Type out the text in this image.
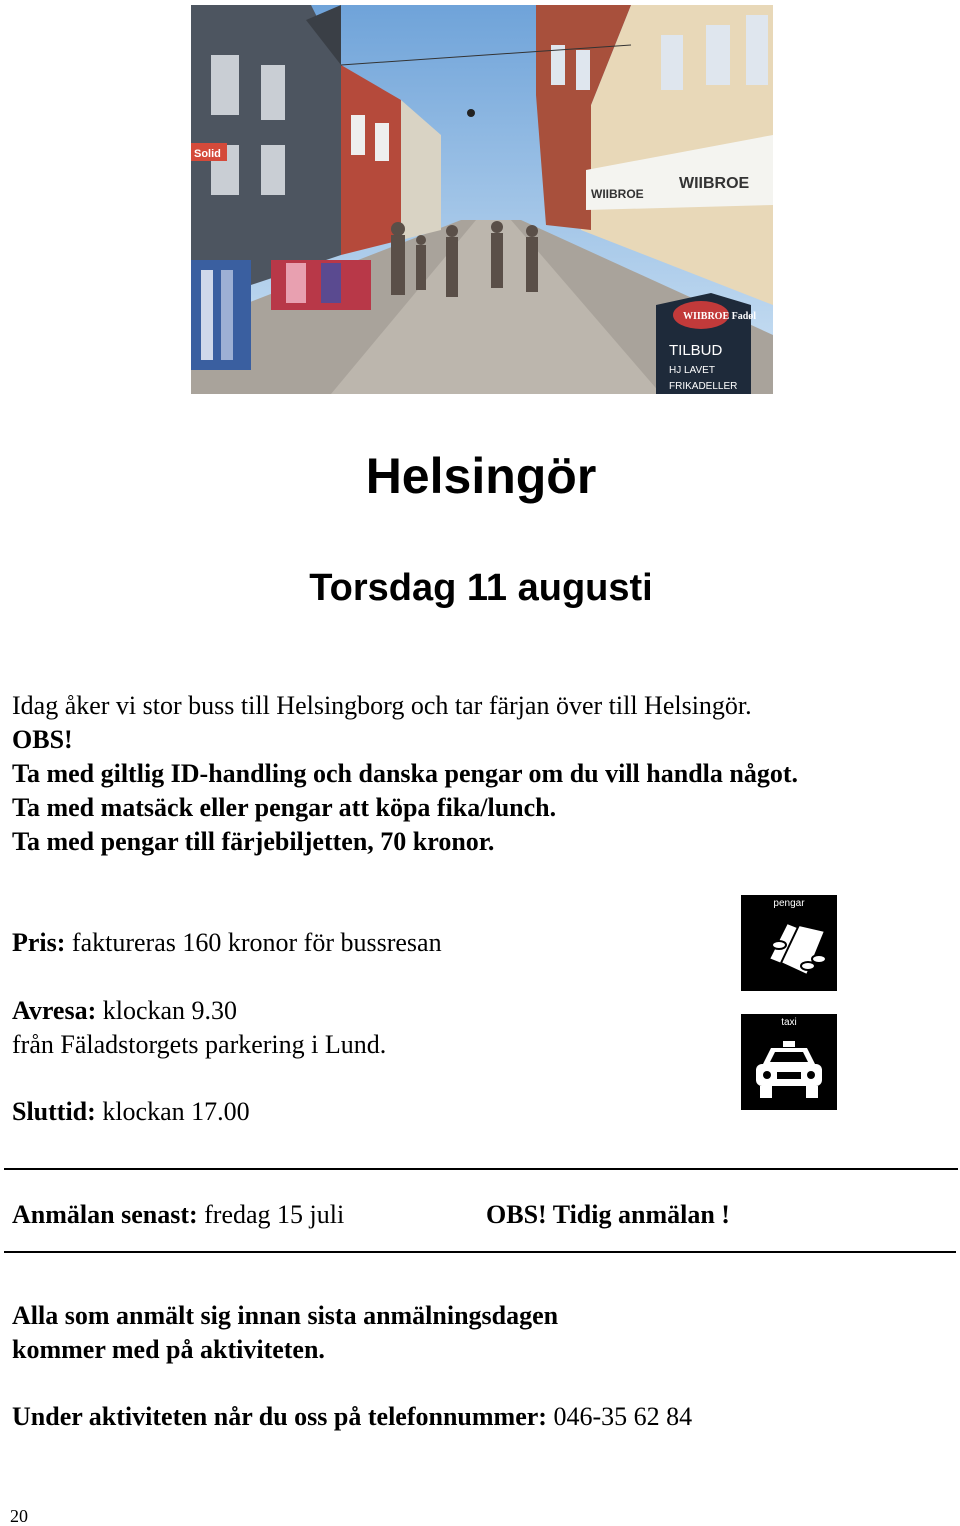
WIIBROE
WIIBROE
Solid
WIIBROE Fadøl
TILBUD
HJ LAVET
FRIKADELLER
Helsingör
Torsdag 11 augusti
Idag åker vi stor buss till Helsingborg och tar färjan över till Helsingör.
OBS!
Ta med giltlig ID-handling och danska pengar om du vill handla något.
Ta med matsäck eller pengar att köpa fika/lunch.
Ta med pengar till färjebiljetten, 70 kronor.
Pris: faktureras 160 kronor för bussresan
Avresa: klockan 9.30
från Fäladstorgets parkering i Lund.
Sluttid: klockan 17.00
pengar
taxi
Anmälan senast: fredag 15 juli	OBS! Tidig anmälan !
Alla som anmält sig innan sista anmälningsdagen
kommer med på aktiviteten.
Under aktiviteten når du oss på telefonnummer: 046-35 62 84
20
